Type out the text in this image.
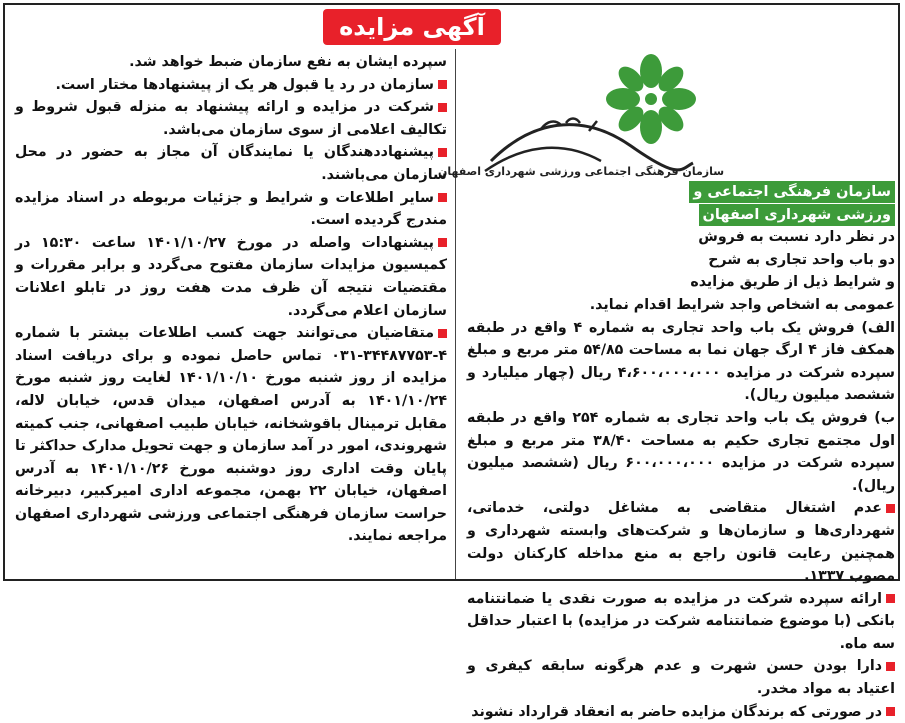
آگهی مزایده
سازمان فرهنگی اجتماعی ورزشی شهرداری اصفهان
سازمان فرهنگی اجتماعی و
ورزشی شهرداری اصفهان

در نظر دارد نسبت به فروش

دو باب واحد تجاری به شرح

و شرایط ذیل از طریق مزایده

عمومی به اشخاص واجد شرایط اقدام نماید.

الف) فروش یک باب واحد تجاری به شماره ۴ واقع در طبقه همکف فاز ۴ ارگ جهان نما به مساحت ۵۴/۸۵ متر مربع و مبلغ سپرده شرکت در مزایده ۴،۶۰۰،۰۰۰،۰۰۰ ریال (چهار میلیارد و ششصد میلیون ریال).

ب) فروش یک باب واحد تجاری به شماره ۲۵۴ واقع در طبقه اول مجتمع تجاری حکیم به مساحت ۳۸/۴۰ متر مربع و مبلغ سپرده شرکت در مزایده ۶۰۰،۰۰۰،۰۰۰ ریال (ششصد میلیون ریال).

عدم اشتغال متقاضی به مشاغل دولتی، خدماتی، شهرداری‌ها و سازمان‌ها و شرکت‌های وابسته شهرداری و همچنین رعایت قانون راجع به منع مداخله کارکنان دولت مصوب ۱۳۳۷.

ارائه سپرده شرکت در مزایده به صورت نقدی یا ضمانتنامه بانکی (با موضوع ضمانتنامه شرکت در مزایده) با اعتبار حداقل سه ماه.

دارا بودن حسن شهرت و عدم هرگونه سابقه کیفری و اعتیاد به مواد مخدر.

در صورتی که برندگان مزایده حاضر به انعقاد قرارداد نشوند

سپرده ایشان به نفع سازمان ضبط خواهد شد.

سازمان در رد یا قبول هر یک از پیشنهادها مختار است.

شرکت در مزایده و ارائه پیشنهاد به منزله قبول شروط و تکالیف اعلامی از سوی سازمان می‌باشد.

پیشنهاددهندگان یا نمایندگان آن مجاز به حضور در محل سازمان می‌باشند.

سایر اطلاعات و شرایط و جزئیات مربوطه در اسناد مزایده مندرج گردیده است.

پیشنهادات واصله در مورخ ۱۴۰۱/۱۰/۲۷ ساعت ۱۵:۳۰ در کمیسیون مزایدات سازمان مفتوح می‌گردد و برابر مقررات و مقتضیات نتیجه آن ظرف مدت هفت روز در تابلو اعلانات سازمان اعلام می‌گردد.

متقاضیان می‌توانند جهت کسب اطلاعات بیشتر با شماره ۴-۳۴۴۸۷۷۵۳-۰۳۱ تماس حاصل نموده و برای دریافت اسناد مزایده از روز شنبه مورخ ۱۴۰۱/۱۰/۱۰ لغایت روز شنبه مورخ ۱۴۰۱/۱۰/۲۴ به آدرس اصفهان، میدان قدس، خیابان لاله، مقابل ترمینال باقوشخانه، خیابان طبیب اصفهانی، جنب کمیته شهروندی، امور در آمد سازمان و جهت تحویل مدارک حداکثر تا پایان وقت اداری روز دوشنبه مورخ ۱۴۰۱/۱۰/۲۶ به آدرس اصفهان، خیابان ۲۲ بهمن، مجموعه اداری امیرکبیر، دبیرخانه حراست سازمان فرهنگی اجتماعی ورزشی شهرداری اصفهان مراجعه نمایند.
